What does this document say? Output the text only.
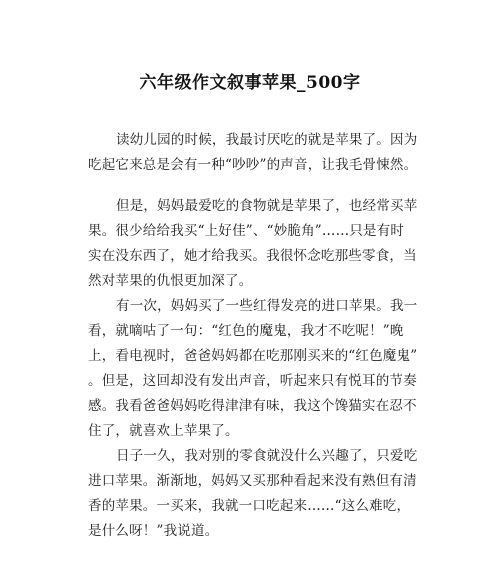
六年级作文叙事苹果_500字

读幼儿园的时候，我最讨厌吃的就是苹果了。因为
吃起它来总是会有一种“吵吵”的声音，让我毛骨悚然。

但是，妈妈最爱吃的食物就是苹果了，也经常买苹
果。很少给给我买“上好佳”、“妙脆角”……只是有时
实在没东西了，她才给我买。我很怀念吃那些零食，当
然对苹果的仇恨更加深了。

有一次，妈妈买了一些红得发亮的进口苹果。我一
看，就嘀咕了一句：“红色的魔鬼，我才不吃呢！”晚
上，看电视时，爸爸妈妈都在吃那刚买来的“红色魔鬼”
。但是，这回却没有发出声音，听起来只有悦耳的节奏
感。我看爸爸妈妈吃得津津有味，我这个馋猫实在忍不
住了，就喜欢上苹果了。

日子一久，我对别的零食就没什么兴趣了，只爱吃
进口苹果。渐渐地，妈妈又买那种看起来没有熟但有清
香的苹果。一买来，我就一口吃起来……“这么难吃，
是什么呀！”我说道。
